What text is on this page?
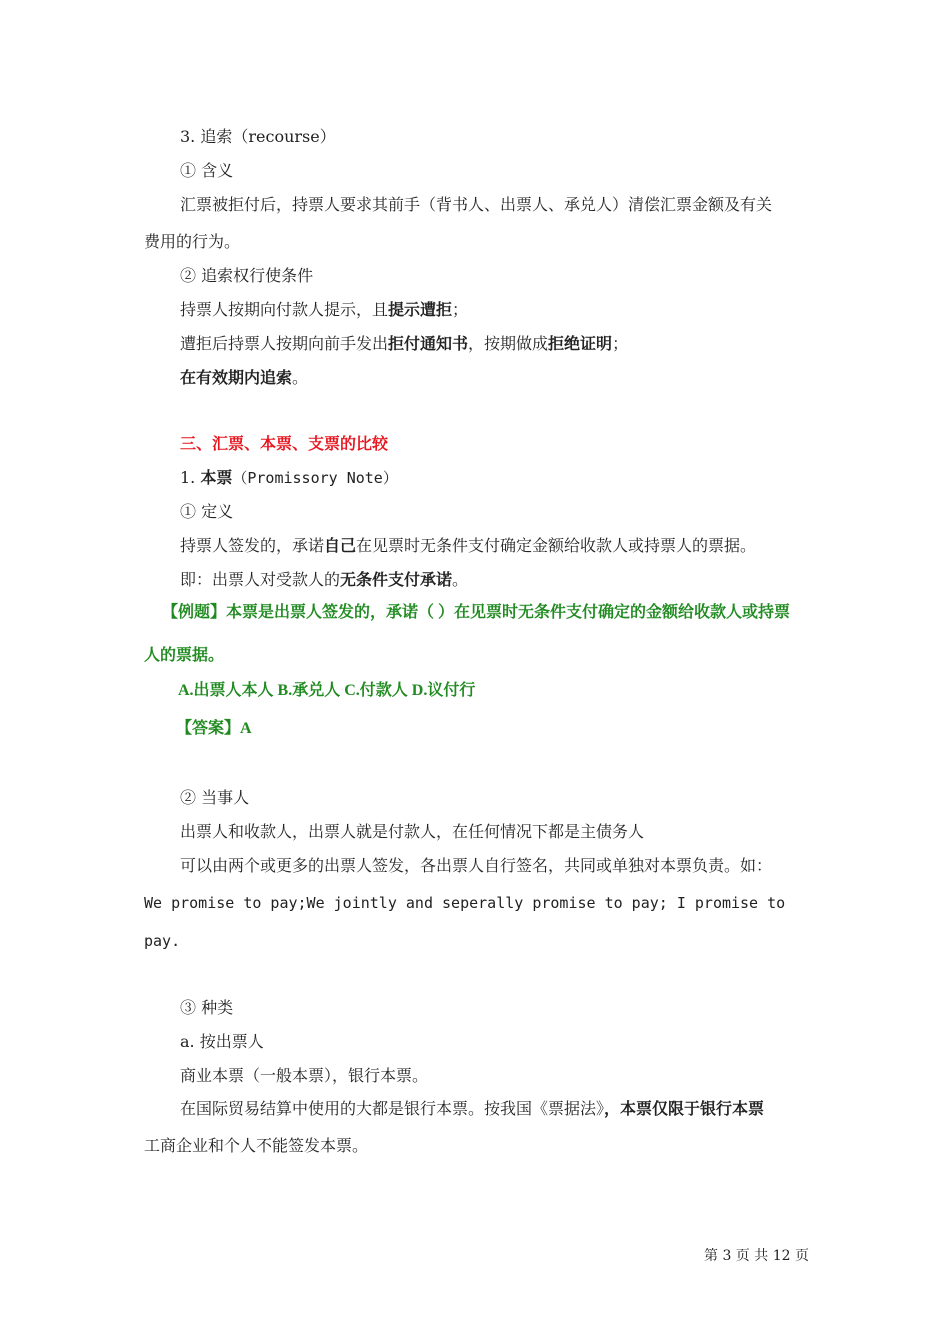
3. 追索（recourse）
① 含义
汇票被拒付后，持票人要求其前手（背书人、出票人、承兑人）清偿汇票金额及有关
费用的行为。
② 追索权行使条件
持票人按期向付款人提示，且提示遭拒；
遭拒后持票人按期向前手发出拒付通知书，按期做成拒绝证明；
在有效期内追索。
三、汇票、本票、支票的比较
1. 本票（Promissory Note）
① 定义
持票人签发的，承诺自己在见票时无条件支付确定金额给收款人或持票人的票据。
即：出票人对受款人的无条件支付承诺。
【例题】本票是出票人签发的，承诺（ ）在见票时无条件支付确定的金额给收款人或持票
人的票据。
A.出票人本人 B.承兑人 C.付款人 D.议付行
【答案】A
② 当事人
出票人和收款人，出票人就是付款人，在任何情况下都是主债务人
可以由两个或更多的出票人签发，各出票人自行签名，共同或单独对本票负责。如：
We promise to pay;We jointly and seperally promise to pay; I promise to
pay.
③ 种类
a. 按出票人
商业本票（一般本票），银行本票。
在国际贸易结算中使用的大都是银行本票。按我国《票据法》，本票仅限于银行本票
工商企业和个人不能签发本票。
第 3 页 共 12 页
